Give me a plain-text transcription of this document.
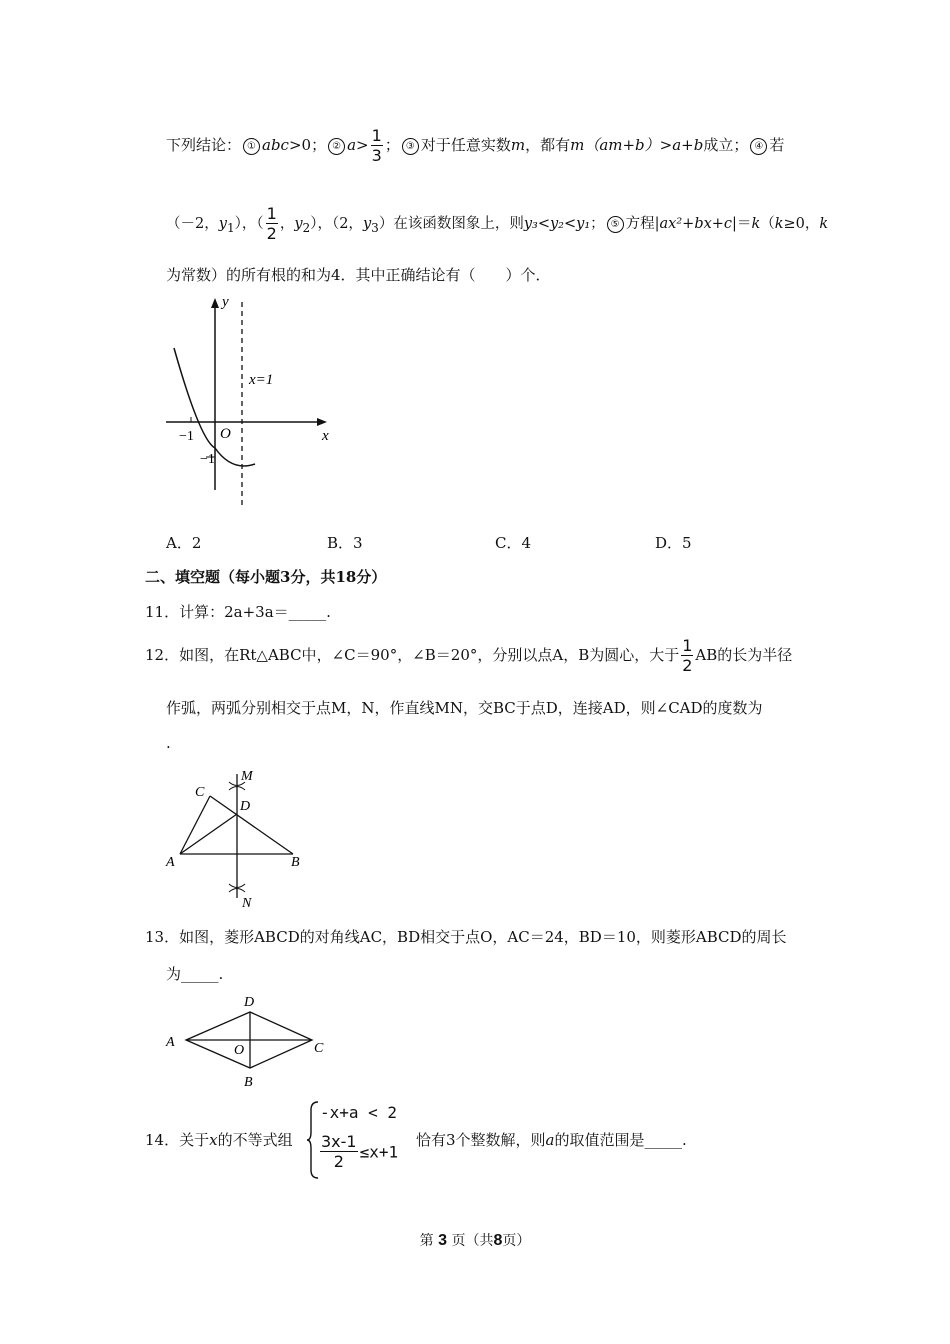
下列结论： ① abc>0； ② $a> \frac{1}{3}$ ； ③ 对于任意实数m，都有m（am+b）>a+b成立； ④ 若
（－2，$y_1$），（ $\frac{1}{2}$ ，$y_2$），（2，$y_3$）在该函数图象上，则y₃<y₂<y₁； ⑤ 方程|ax²+bx+c|＝k（k≥0，k
为常数）的所有根的和为4．其中正确结论有（　　）个．
y
x
x=1
O
−1
−1
A．2	B．3	C．4	D．5
二、填空题（每小题3分，共18分）
11．计算：2a+3a＝_____.
12．如图，在Rt△ABC中，∠C＝90°，∠B＝20°，分别以点A，B为圆心，大于 $\frac{1}{2}$ AB的长为半径
作弧，两弧分别相交于点M，N，作直线MN，交BC于点D，连接AD，则∠CAD的度数为
.
M
C
D
A	B
N
13．如图，菱形ABCD的对角线AC，BD相交于点O，AC＝24，BD＝10，则菱形ABCD的周长
为_____.
D
A
O	C
B
14．关于x的不等式组
-x+a < 2
$\frac{3x-1}{2} \le x+1$
恰有3个整数解，则a的取值范围是_____.
第 3 页（共8页）
